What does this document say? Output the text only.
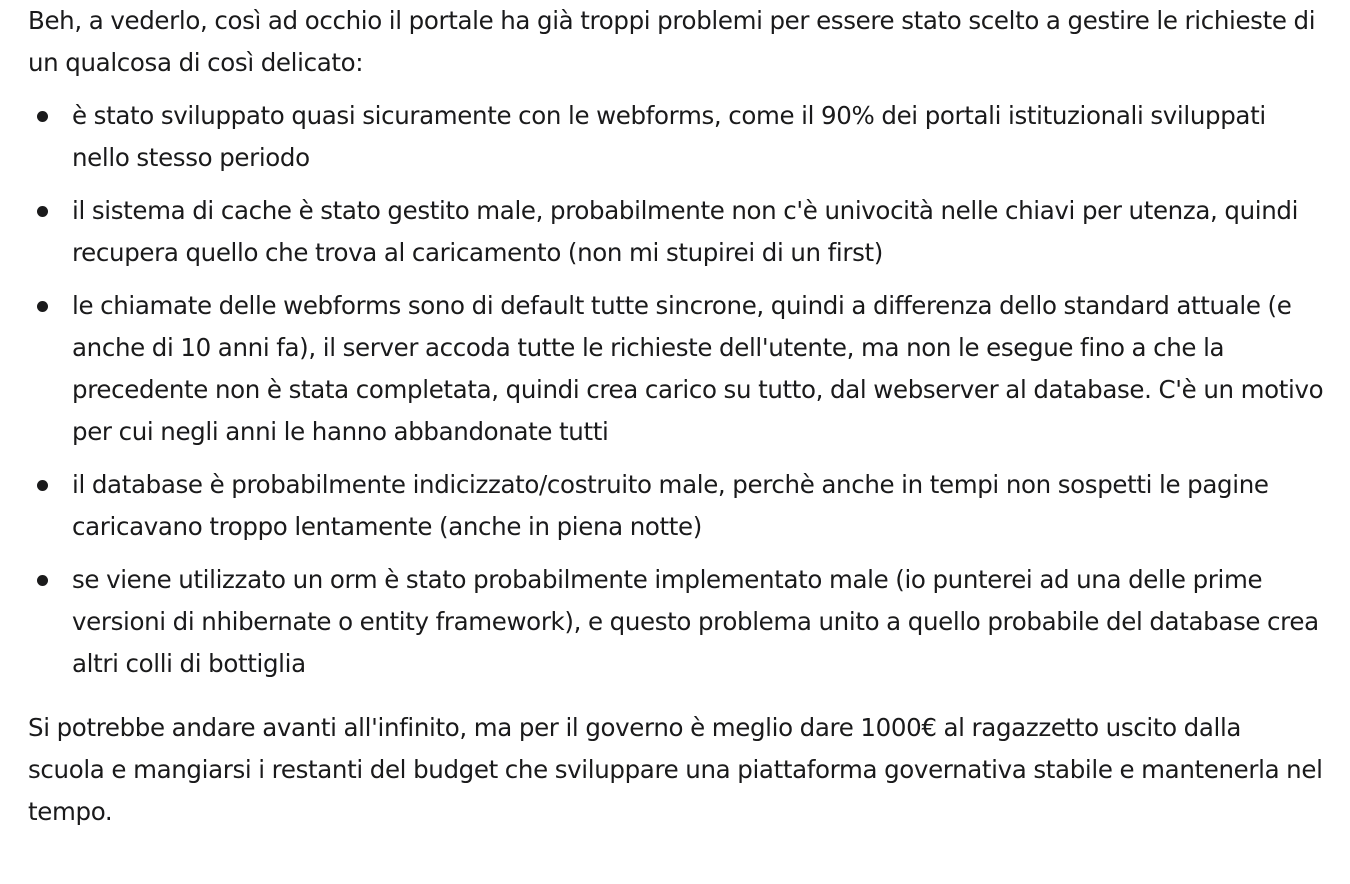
Beh, a vederlo, così ad occhio il portale ha già troppi problemi per essere stato scelto a gestire le richieste di un qualcosa di così delicato:

è stato sviluppato quasi sicuramente con le webforms, come il 90% dei portali istituzionali sviluppati nello stesso periodo
il sistema di cache è stato gestito male, probabilmente non c'è univocità nelle chiavi per utenza, quindi recupera quello che trova al caricamento (non mi stupirei di un first)
le chiamate delle webforms sono di default tutte sincrone, quindi a differenza dello standard attuale (e anche di 10 anni fa), il server accoda tutte le richieste dell'utente, ma non le esegue fino a che la precedente non è stata completata, quindi crea carico su tutto, dal webserver al database. C'è un motivo per cui negli anni le hanno abbandonate tutti
il database è probabilmente indicizzato/costruito male, perchè anche in tempi non sospetti le pagine caricavano troppo lentamente (anche in piena notte)
se viene utilizzato un orm è stato probabilmente implementato male (io punterei ad una delle prime versioni di nhibernate o entity framework), e questo problema unito a quello probabile del database crea altri colli di bottiglia

Si potrebbe andare avanti all'infinito, ma per il governo è meglio dare 1000€ al ragazzetto uscito dalla scuola e mangiarsi i restanti del budget che sviluppare una piattaforma governativa stabile e mantenerla nel tempo.
